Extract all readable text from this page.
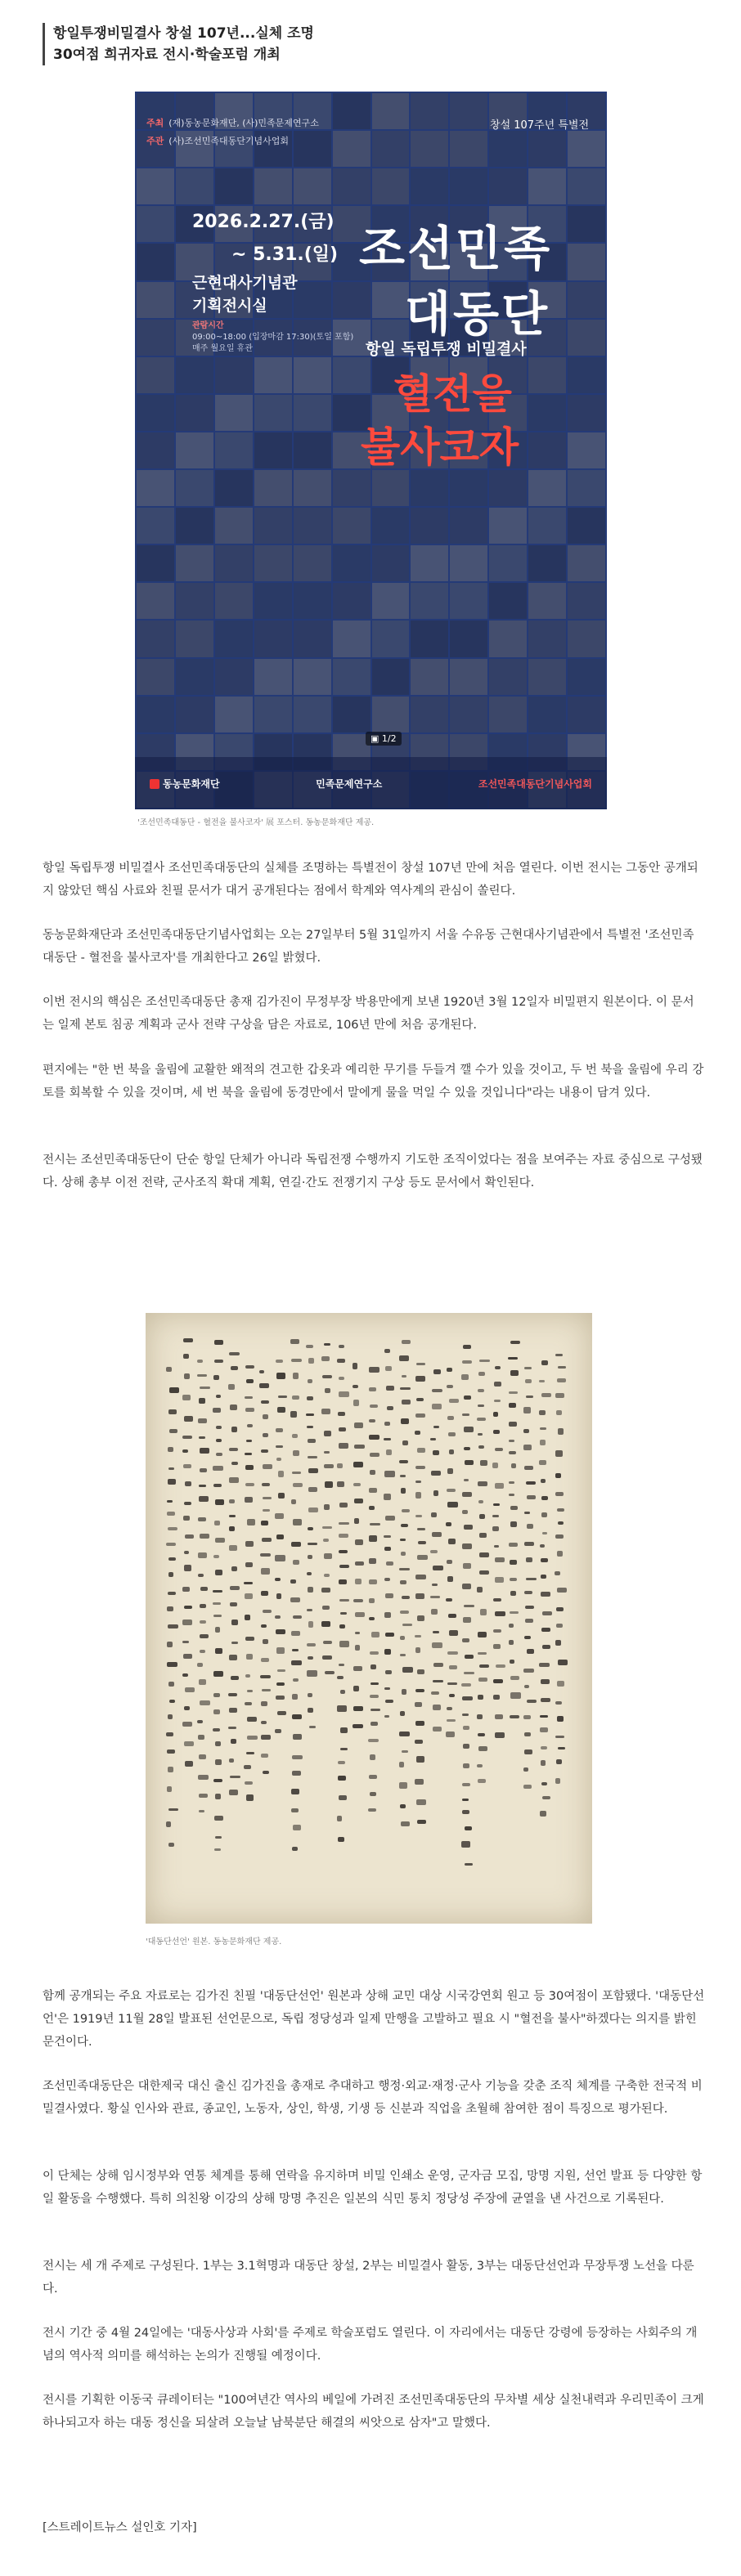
항일투쟁비밀결사 창설 107년...실체 조명
30여점 희귀자료 전시·학술포럼 개최
주최 (재)동농문화재단, (사)민족문제연구소
주관 (사)조선민족대동단기념사업회
창설 107주년 특별전
2026.2.27.(금)
~ 5.31.(일)
근현대사기념관
기획전시실
관람시간
09:00~18:00 (입장마감 17:30)(토일 포함)
매주 월요일 휴관
조선민족
대동단
항일 독립투쟁 비밀결사
혈전을
불사코자
▣ 1/2
동농문화재단	민족문제연구소	조선민족대동단기념사업회
'조선민족대동단 - 혈전을 불사코자' 展 포스터. 동농문화재단 제공.

항일 독립투쟁 비밀결사 조선민족대동단의 실체를 조명하는 특별전이 창설 107년 만에 처음 열린다. 이번 전시는 그동안 공개되지 않았던 핵심 사료와 친필 문서가 대거 공개된다는 점에서 학계와 역사계의 관심이 쏠린다.

동농문화재단과 조선민족대동단기념사업회는 오는 27일부터 5월 31일까지 서울 수유동 근현대사기념관에서 특별전 '조선민족대동단 - 혈전을 불사코자'를 개최한다고 26일 밝혔다.

이번 전시의 핵심은 조선민족대동단 총재 김가진이 무정부장 박용만에게 보낸 1920년 3월 12일자 비밀편지 원본이다. 이 문서는 일제 본토 침공 계획과 군사 전략 구상을 담은 자료로, 106년 만에 처음 공개된다.

편지에는 "한 번 북을 울림에 교활한 왜적의 견고한 갑옷과 예리한 무기를 두들겨 깰 수가 있을 것이고, 두 번 북을 울림에 우리 강토를 회복할 수 있을 것이며, 세 번 북을 울림에 동경만에서 말에게 물을 먹일 수 있을 것입니다"라는 내용이 담겨 있다.

전시는 조선민족대동단이 단순 항일 단체가 아니라 독립전쟁 수행까지 기도한 조직이었다는 점을 보여주는 자료 중심으로 구성됐다. 상해 총부 이전 전략, 군사조직 확대 계획, 연길·간도 전쟁기지 구상 등도 문서에서 확인된다.

'대동단선언' 원본. 동농문화재단 제공.

함께 공개되는 주요 자료로는 김가진 친필 '대동단선언' 원본과 상해 교민 대상 시국강연회 원고 등 30여점이 포함됐다. '대동단선언'은 1919년 11월 28일 발표된 선언문으로, 독립 정당성과 일제 만행을 고발하고 필요 시 "혈전을 불사"하겠다는 의지를 밝힌 문건이다.

조선민족대동단은 대한제국 대신 출신 김가진을 총재로 추대하고 행정·외교·재정·군사 기능을 갖춘 조직 체계를 구축한 전국적 비밀결사였다. 황실 인사와 관료, 종교인, 노동자, 상인, 학생, 기생 등 신분과 직업을 초월해 참여한 점이 특징으로 평가된다.

이 단체는 상해 임시정부와 연통 체계를 통해 연락을 유지하며 비밀 인쇄소 운영, 군자금 모집, 망명 지원, 선언 발표 등 다양한 항일 활동을 수행했다. 특히 의친왕 이강의 상해 망명 추진은 일본의 식민 통치 정당성 주장에 균열을 낸 사건으로 기록된다.

전시는 세 개 주제로 구성된다. 1부는 3.1혁명과 대동단 창설, 2부는 비밀결사 활동, 3부는 대동단선언과 무장투쟁 노선을 다룬다.

전시 기간 중 4월 24일에는 '대동사상과 사회'를 주제로 학술포럼도 열린다. 이 자리에서는 대동단 강령에 등장하는 사회주의 개념의 역사적 의미를 해석하는 논의가 진행될 예정이다.

전시를 기획한 이동국 큐레이터는 "100여년간 역사의 베일에 가려진 조선민족대동단의 무차별 세상 실천내력과 우리민족이 크게 하나되고자 하는 대동 정신을 되살려 오늘날 남북분단 해결의 씨앗으로 삼자"고 말했다.

[스트레이트뉴스 설인호 기자]
